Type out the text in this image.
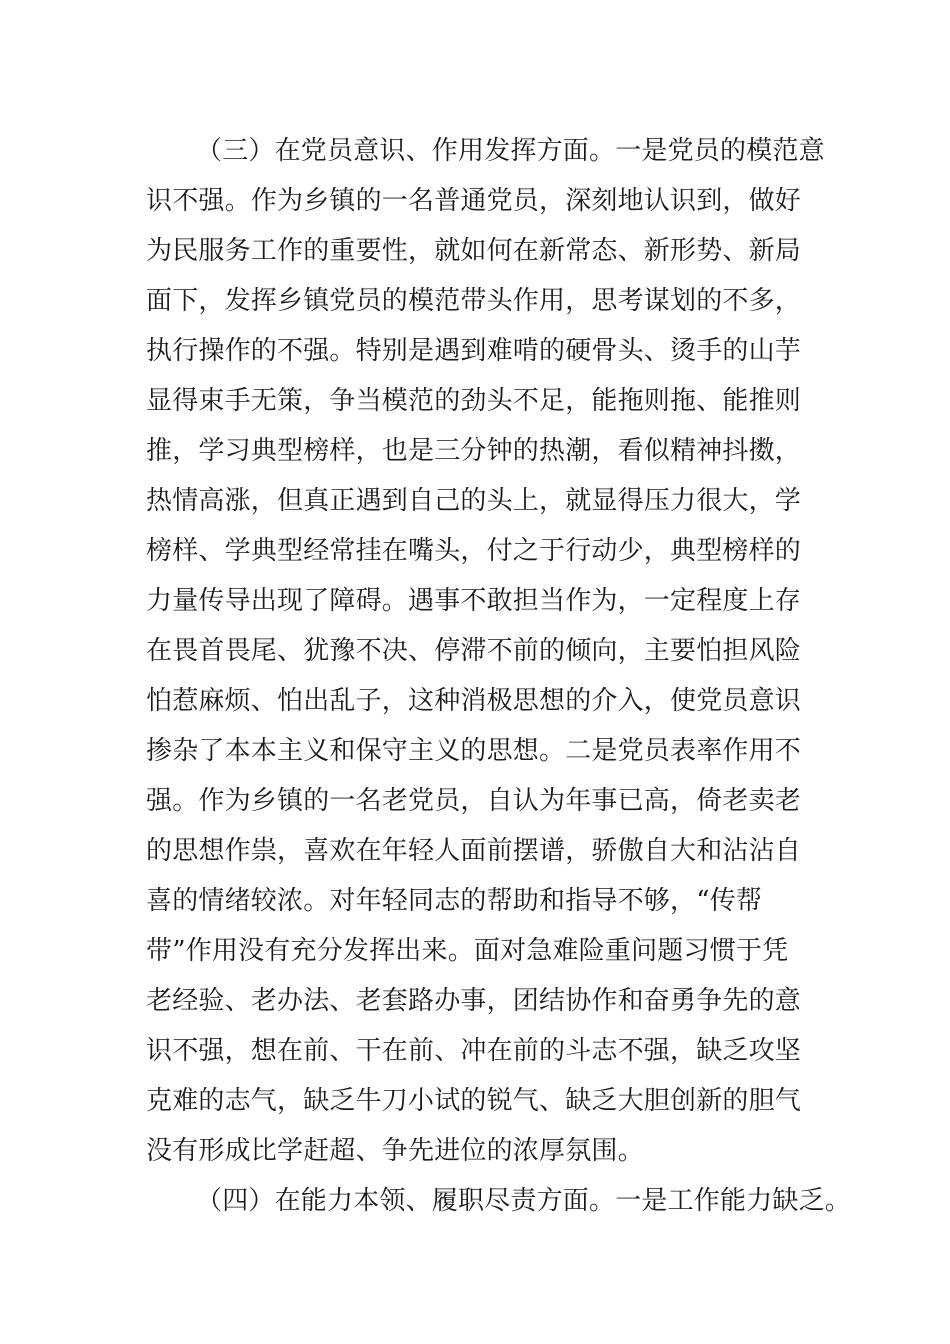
（三）在党员意识、作用发挥方面。一是党员的模范意

识不强。作为乡镇的一名普通党员，深刻地认识到，做好

为民服务工作的重要性，就如何在新常态、新形势、新局

面下，发挥乡镇党员的模范带头作用，思考谋划的不多，

执行操作的不强。特别是遇到难啃的硬骨头、烫手的山芋

显得束手无策，争当模范的劲头不足，能拖则拖、能推则

推，学习典型榜样，也是三分钟的热潮，看似精神抖擞，

热情高涨，但真正遇到自己的头上，就显得压力很大，学

榜样、学典型经常挂在嘴头，付之于行动少，典型榜样的

力量传导出现了障碍。遇事不敢担当作为，一定程度上存

在畏首畏尾、犹豫不决、停滞不前的倾向，主要怕担风险

怕惹麻烦、怕出乱子，这种消极思想的介入，使党员意识

掺杂了本本主义和保守主义的思想。二是党员表率作用不

强。作为乡镇的一名老党员，自认为年事已高，倚老卖老

的思想作祟，喜欢在年轻人面前摆谱，骄傲自大和沾沾自

喜的情绪较浓。对年轻同志的帮助和指导不够，“传帮

带”作用没有充分发挥出来。面对急难险重问题习惯于凭

老经验、老办法、老套路办事，团结协作和奋勇争先的意

识不强，想在前、干在前、冲在前的斗志不强，缺乏攻坚

克难的志气，缺乏牛刀小试的锐气、缺乏大胆创新的胆气

没有形成比学赶超、争先进位的浓厚氛围。

（四）在能力本领、履职尽责方面。一是工作能力缺乏。
